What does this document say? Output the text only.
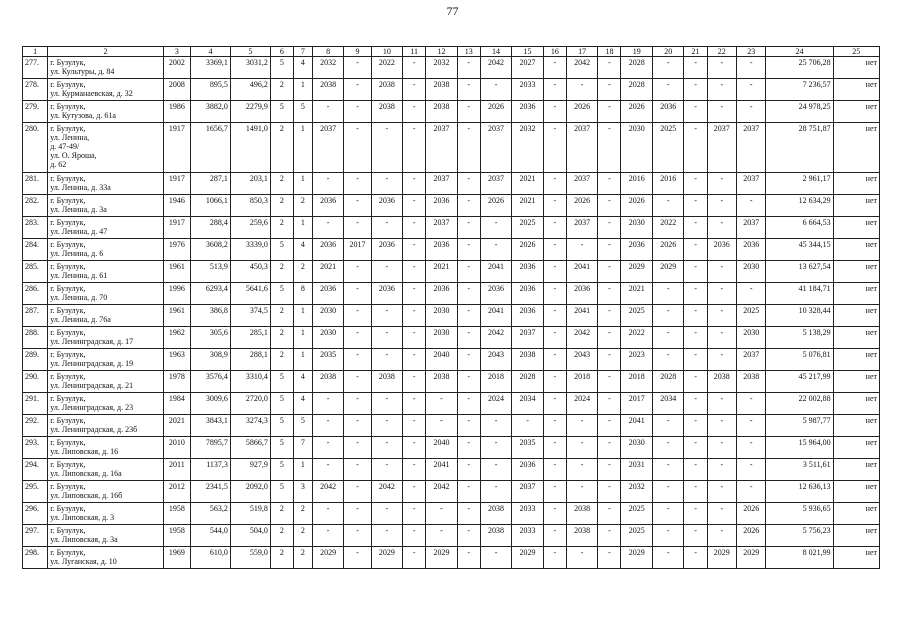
77
1	2	3	4	5	6	7	8	9	10	11	12	13	14	15	16	17	18	19	20	21	22	23	24	25
277.	г. Бузулук,
ул. Культуры, д. 84	2002	3369,1	3031,2	5	4	2032	-	2022	-	2032	-	2042	2027	-	2042	-	2028	-	-	-	-	25 706,28	нет
278.	г. Бузулук,
ул. Курманаевская, д. 32	2008	895,5	496,2	2	1	2038	-	2038	-	2038	-	-	2033	-	-	-	2028	-	-	-	-	7 236,57	нет
279.	г. Бузулук,
ул. Кутузова, д. 61а	1986	3882,0	2279,9	5	5	-	-	2038	-	2038	-	2026	2036	-	2026	-	2026	2036	-	-	-	24 978,25	нет
280.	г. Бузулук,
ул. Ленина,
д. 47-49/
ул. О. Яроша,
д. 62	1917	1656,7	1491,0	2	1	2037	-	-	-	2037	-	2037	2032	-	2037	-	2030	2025	-	2037	2037	28 751,87	нет
281.	г. Бузулук,
ул. Ленина, д. 33а	1917	287,1	203,1	2	1	-	-	-	-	2037	-	2037	2021	-	2037	-	2016	2016	-	-	2037	2 961,17	нет
282.	г. Бузулук,
ул. Ленина, д. 3а	1946	1066,1	850,3	2	2	2036	-	2036	-	2036	-	2026	2021	-	2026	-	2026	-	-	-	-	12 634,29	нет
283.	г. Бузулук,
ул. Ленина, д. 47	1917	288,4	259,6	2	1	-	-	-	-	2037	-	-	2025	-	2037	-	2030	2022	-	-	2037	6 664,53	нет
284.	г. Бузулук,
ул. Ленина, д. 6	1976	3608,2	3339,0	5	4	2036	2017	2036	-	2036	-	-	2026	-	-	-	2036	2026	-	2036	2036	45 344,15	нет
285.	г. Бузулук,
ул. Ленина, д. 61	1961	513,9	450,3	2	2	2021	-	-	-	2021	-	2041	2036	-	2041	-	2029	2029	-	-	2030	13 627,54	нет
286.	г. Бузулук,
ул. Ленина, д. 70	1996	6293,4	5641,6	5	8	2036	-	2036	-	2036	-	2036	2036	-	2036	-	2021	-	-	-	-	41 184,71	нет
287.	г. Бузулук,
ул. Ленина, д. 76а	1961	386,8	374,5	2	1	2030	-	-	-	2030	-	2041	2036	-	2041	-	2025	-	-	-	2025	10 328,44	нет
288.	г. Бузулук,
ул. Ленинградская, д. 17	1962	305,6	285,1	2	1	2030	-	-	-	2030	-	2042	2037	-	2042	-	2022	-	-	-	2030	5 138,29	нет
289.	г. Бузулук,
ул. Ленинградская, д. 19	1963	308,9	288,1	2	1	2035	-	-	-	2040	-	2043	2038	-	2043	-	2023	-	-	-	2037	5 076,81	нет
290.	г. Бузулук,
ул. Ленинградская, д. 21	1978	3576,4	3310,4	5	4	2038	-	2038	-	2038	-	2018	2028	-	2018	-	2018	2028	-	2038	2038	45 217,99	нет
291.	г. Бузулук,
ул. Ленинградская, д. 23	1984	3009,6	2720,0	5	4	-	-	-	-	-	-	2024	2034	-	2024	-	2017	2034	-	-	-	22 002,88	нет
292.	г. Бузулук,
ул. Ленинградская, д. 23б	2021	3843,1	3274,3	5	5	-	-	-	-	-	-	-	-	-	-	-	2041	-	-	-	-	5 987,77	нет
293.	г. Бузулук,
ул. Липовская, д. 16	2010	7895,7	5866,7	5	7	-	-	-	-	2040	-	-	2035	-	-	-	2030	-	-	-	-	15 964,00	нет
294.	г. Бузулук,
ул. Липовская, д. 16а	2011	1137,3	927,9	5	1	-	-	-	-	2041	-	-	2036	-	-	-	2031	-	-	-	-	3 511,61	нет
295.	г. Бузулук,
ул. Липовская, д. 16б	2012	2341,5	2092,0	5	3	2042	-	2042	-	2042	-	-	2037	-	-	-	2032	-	-	-	-	12 636,13	нет
296.	г. Бузулук,
ул. Липовская, д. 3	1958	563,2	519,8	2	2	-	-	-	-	-	-	2038	2033	-	2038	-	2025	-	-	-	2026	5 936,65	нет
297.	г. Бузулук,
ул. Липовская, д. 3а	1958	544,0	504,0	2	2	-	-	-	-	-	-	2038	2033	-	2038	-	2025	-	-	-	2026	5 756,23	нет
298.	г. Бузулук,
ул. Луганская, д. 10	1969	610,0	559,0	2	2	2029	-	2029	-	2029	-	-	2029	-	-	-	2029	-	-	2029	2029	8 021,99	нет
